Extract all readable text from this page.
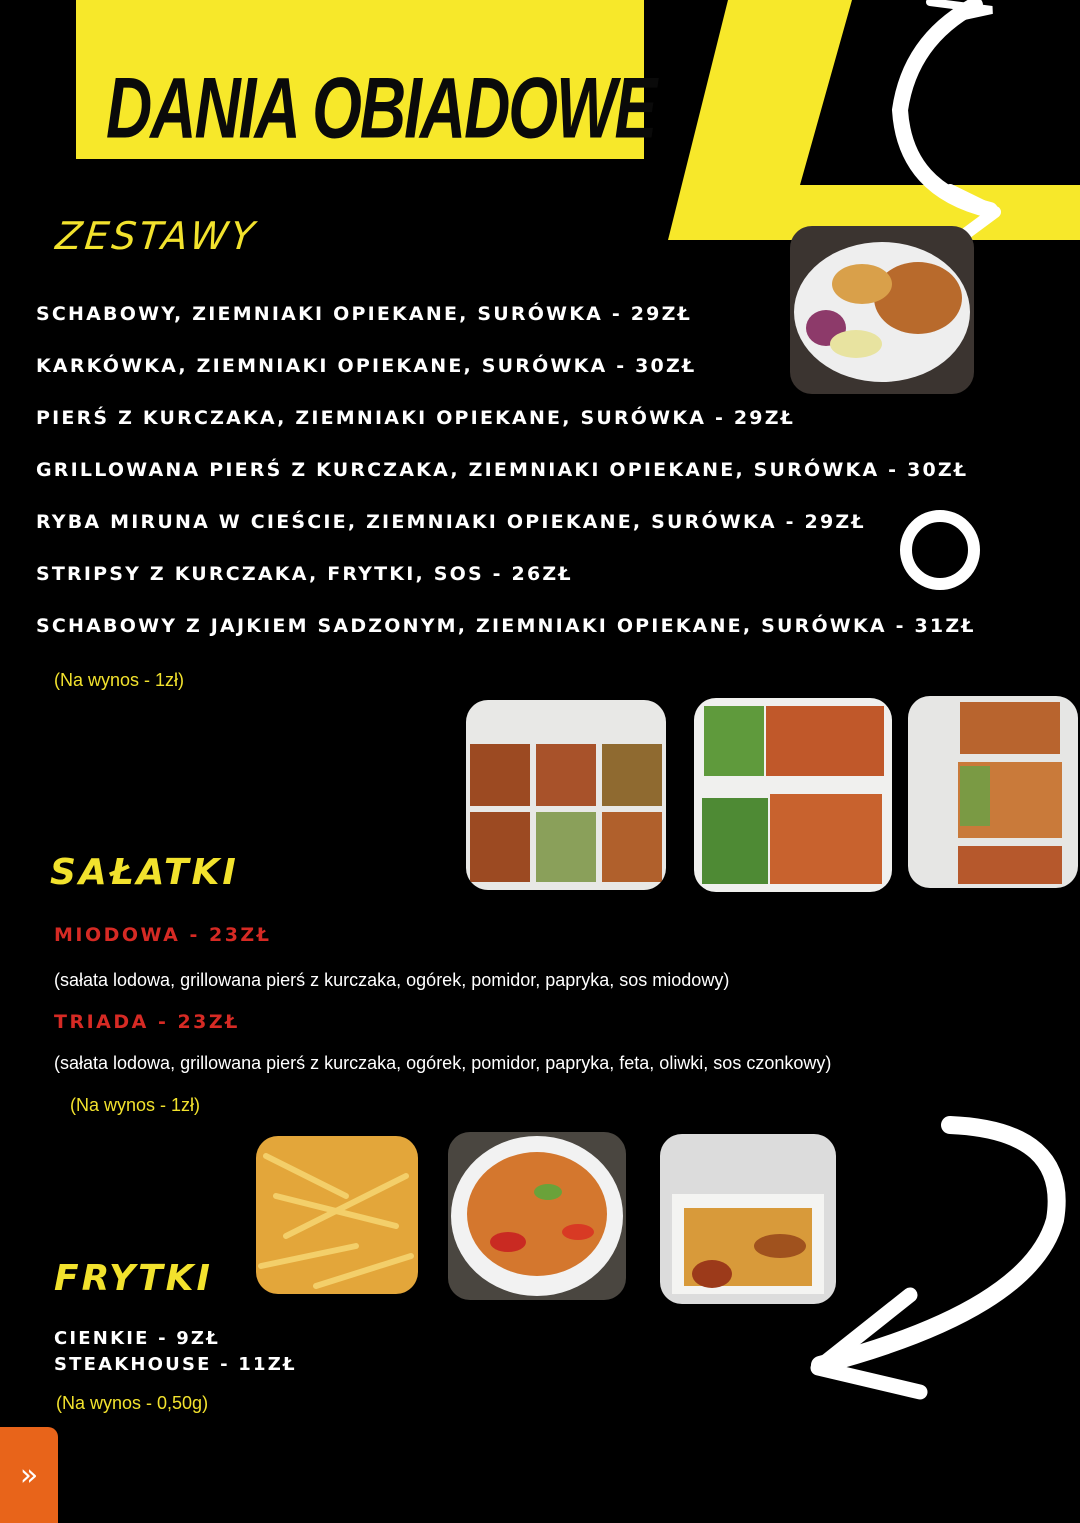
DANIA OBIADOWE
ZESTAWY
SCHABOWY, ZIEMNIAKI OPIEKANE, SURÓWKA - 29ZŁ
KARKÓWKA, ZIEMNIAKI OPIEKANE, SURÓWKA - 30ZŁ
PIERŚ Z KURCZAKA, ZIEMNIAKI OPIEKANE, SURÓWKA - 29ZŁ
GRILLOWANA PIERŚ Z KURCZAKA, ZIEMNIAKI OPIEKANE, SURÓWKA - 30ZŁ
RYBA MIRUNA W CIEŚCIE, ZIEMNIAKI OPIEKANE, SURÓWKA - 29ZŁ
STRIPSY Z KURCZAKA, FRYTKI, SOS - 26ZŁ
SCHABOWY Z JAJKIEM SADZONYM, ZIEMNIAKI OPIEKANE, SURÓWKA - 31ZŁ
(Na wynos - 1zł)
SAŁATKI
MIODOWA - 23ZŁ
(sałata lodowa, grillowana pierś z kurczaka, ogórek, pomidor, papryka, sos miodowy)
TRIADA - 23ZŁ
(sałata lodowa, grillowana pierś z kurczaka, ogórek, pomidor, papryka, feta, oliwki, sos czonkowy)
(Na wynos - 1zł)
FRYTKI
CIENKIE - 9ZŁ
STEAKHOUSE - 11ZŁ
(Na wynos - 0,50g)
»
